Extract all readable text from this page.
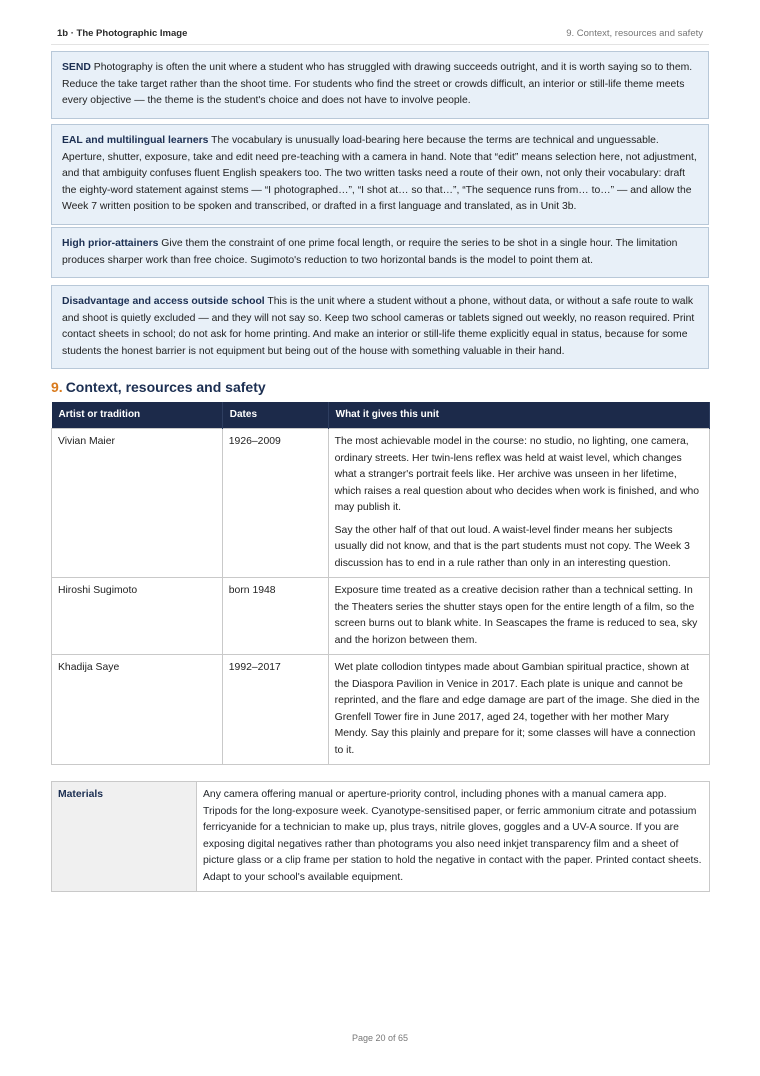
1b · The Photographic Image	9. Context, resources and safety
SEND Photography is often the unit where a student who has struggled with drawing succeeds outright, and it is worth saying so to them. Reduce the take target rather than the shoot time. For students who find the street or crowds difficult, an interior or still-life theme meets every objective — the theme is the student's choice and does not have to involve people.
EAL and multilingual learners The vocabulary is unusually load-bearing here because the terms are technical and unguessable. Aperture, shutter, exposure, take and edit need pre-teaching with a camera in hand. Note that “edit” means selection here, not adjustment, and that ambiguity confuses fluent English speakers too. The two written tasks need a route of their own, not only their vocabulary: draft the eighty-word statement against stems — “I photographed…”, “I shot at… so that…”, “The sequence runs from… to…” — and allow the Week 7 written position to be spoken and transcribed, or drafted in a first language and translated, as in Unit 3b.
High prior-attainers Give them the constraint of one prime focal length, or require the series to be shot in a single hour. The limitation produces sharper work than free choice. Sugimoto's reduction to two horizontal bands is the model to point them at.
Disadvantage and access outside school This is the unit where a student without a phone, without data, or without a safe route to walk and shoot is quietly excluded — and they will not say so. Keep two school cameras or tablets signed out weekly, no reason required. Print contact sheets in school; do not ask for home printing. And make an interior or still-life theme explicitly equal in status, because for some students the honest barrier is not equipment but being out of the house with something valuable in their hand.
9. Context, resources and safety
Artist or tradition	Dates	What it gives this unit
Vivian Maier	1926–2009	The most achievable model in the course: no studio, no lighting, one camera, ordinary streets. Her twin-lens reflex was held at waist level, which changes what a stranger's portrait feels like. Her archive was unseen in her lifetime, which raises a real question about who decides when work is finished, and who may publish it.

Say the other half of that out loud. A waist-level finder means her subjects usually did not know, and that is the part students must not copy. The Week 3 discussion has to end in a rule rather than only in an interesting question.

Hiroshi Sugimoto	born 1948	Exposure time treated as a creative decision rather than a technical setting. In the Theaters series the shutter stays open for the entire length of a film, so the screen burns out to blank white. In Seascapes the frame is reduced to sea, sky and the horizon between them.

Khadija Saye	1992–2017	Wet plate collodion tintypes made about Gambian spiritual practice, shown at the Diaspora Pavilion in Venice in 2017. Each plate is unique and cannot be reprinted, and the flare and edge damage are part of the image. She died in the Grenfell Tower fire in June 2017, aged 24, together with her mother Mary Mendy. Say this plainly and prepare for it; some classes will have a connection to it.

Materials	Any camera offering manual or aperture-priority control, including phones with a manual camera app. Tripods for the long-exposure week. Cyanotype-sensitised paper, or ferric ammonium citrate and potassium ferricyanide for a technician to make up, plus trays, nitrile gloves, goggles and a UV-A source. If you are exposing digital negatives rather than photograms you also need inkjet transparency film and a sheet of picture glass or a clip frame per station to hold the negative in contact with the paper. Printed contact sheets. Adapt to your school's available equipment.
Page 20 of 65
